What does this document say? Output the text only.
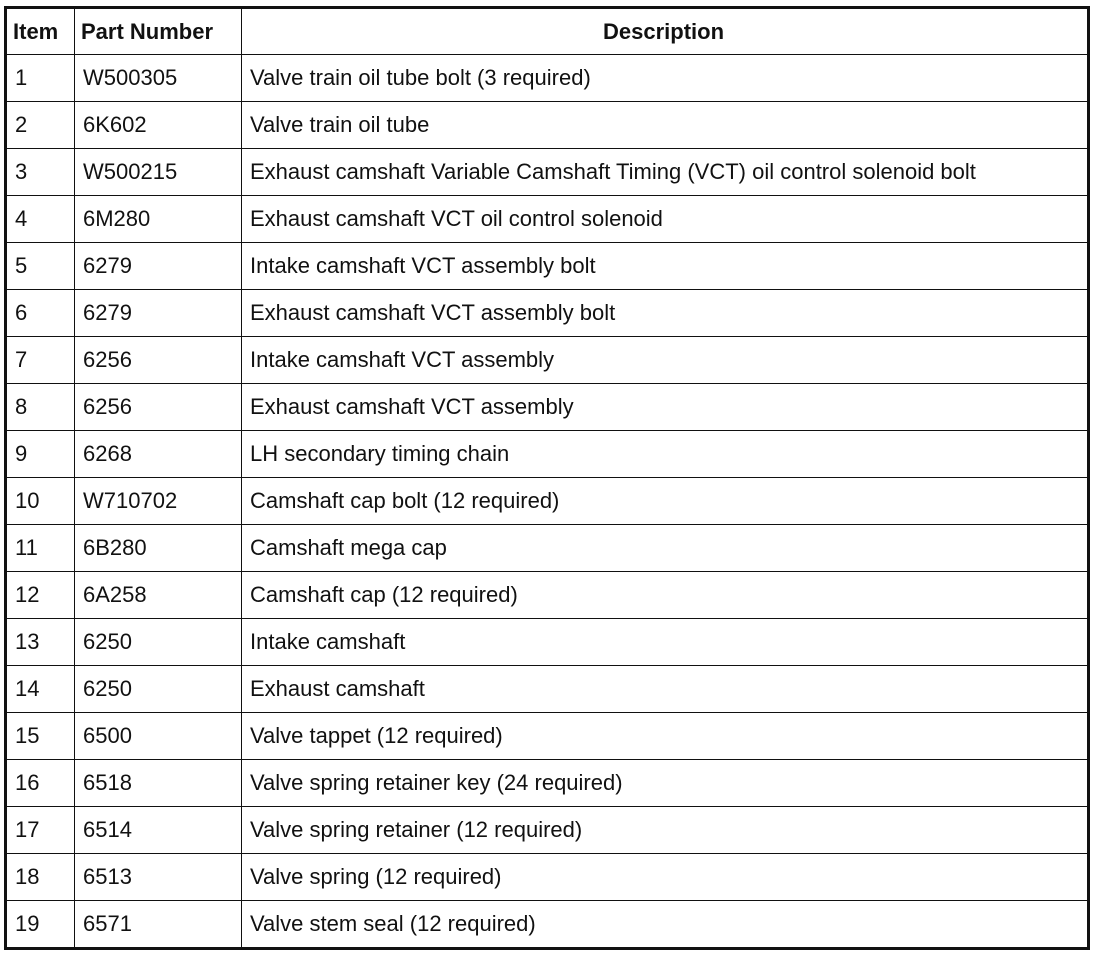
Item	Part Number	Description
1	W500305	Valve train oil tube bolt (3 required)
2	6K602	Valve train oil tube
3	W500215	Exhaust camshaft Variable Camshaft Timing (VCT) oil control solenoid bolt
4	6M280	Exhaust camshaft VCT oil control solenoid
5	6279	Intake camshaft VCT assembly bolt
6	6279	Exhaust camshaft VCT assembly bolt
7	6256	Intake camshaft VCT assembly
8	6256	Exhaust camshaft VCT assembly
9	6268	LH secondary timing chain
10	W710702	Camshaft cap bolt (12 required)
11	6B280	Camshaft mega cap
12	6A258	Camshaft cap (12 required)
13	6250	Intake camshaft
14	6250	Exhaust camshaft
15	6500	Valve tappet (12 required)
16	6518	Valve spring retainer key (24 required)
17	6514	Valve spring retainer (12 required)
18	6513	Valve spring (12 required)
19	6571	Valve stem seal (12 required)
